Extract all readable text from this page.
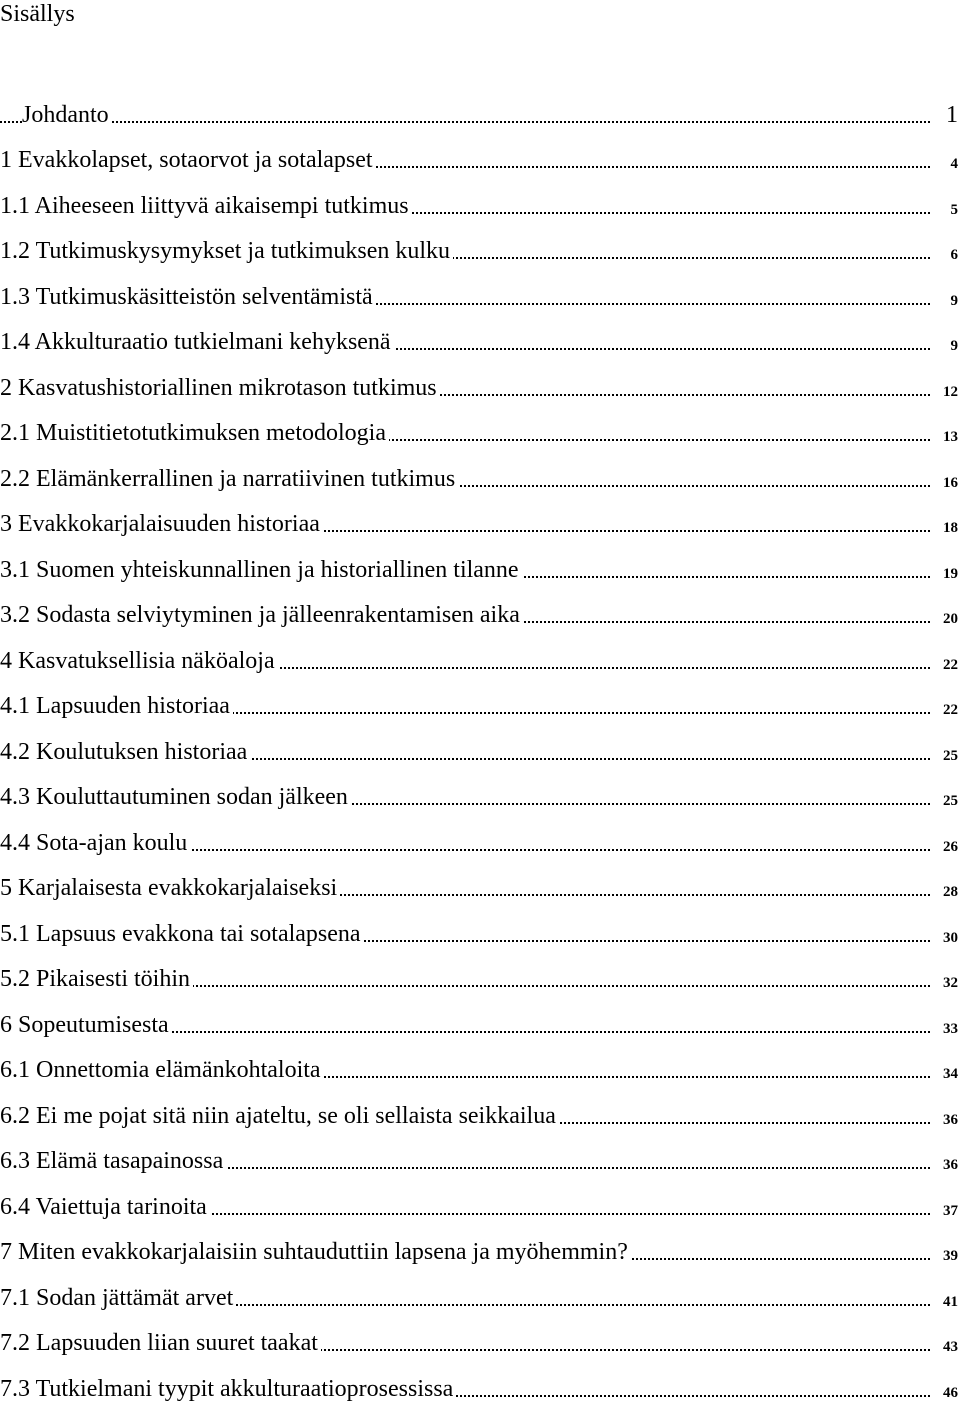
Sisällys
Johdanto	1
1 Evakkolapset, sotaorvot ja sotalapset	4
1.1 Aiheeseen liittyvä aikaisempi tutkimus	5
1.2 Tutkimuskysymykset ja tutkimuksen kulku	6
1.3 Tutkimuskäsitteistön selventämistä	9
1.4 Akkulturaatio tutkielmani kehyksenä	9
2 Kasvatushistoriallinen mikrotason tutkimus	12
2.1 Muistitietotutkimuksen metodologia	13
2.2 Elämänkerrallinen ja narratiivinen tutkimus	16
3 Evakkokarjalaisuuden historiaa	18
3.1 Suomen yhteiskunnallinen ja historiallinen tilanne	19
3.2 Sodasta selviytyminen ja jälleenrakentamisen aika	20
4 Kasvatuksellisia näköaloja	22
4.1 Lapsuuden historiaa	22
4.2 Koulutuksen historiaa	25
4.3 Kouluttautuminen sodan jälkeen	25
4.4 Sota-ajan koulu	26
5 Karjalaisesta evakkokarjalaiseksi	28
5.1 Lapsuus evakkona tai sotalapsena	30
5.2 Pikaisesti töihin	32
6 Sopeutumisesta	33
6.1 Onnettomia elämänkohtaloita	34
6.2 Ei me pojat sitä niin ajateltu, se oli sellaista seikkailua	36
6.3 Elämä tasapainossa	36
6.4 Vaiettuja tarinoita	37
7 Miten evakkokarjalaisiin suhtauduttiin lapsena ja myöhemmin?	39
7.1 Sodan jättämät arvet	41
7.2 Lapsuuden liian suuret taakat	43
7.3 Tutkielmani tyypit akkulturaatioprosessissa	46
